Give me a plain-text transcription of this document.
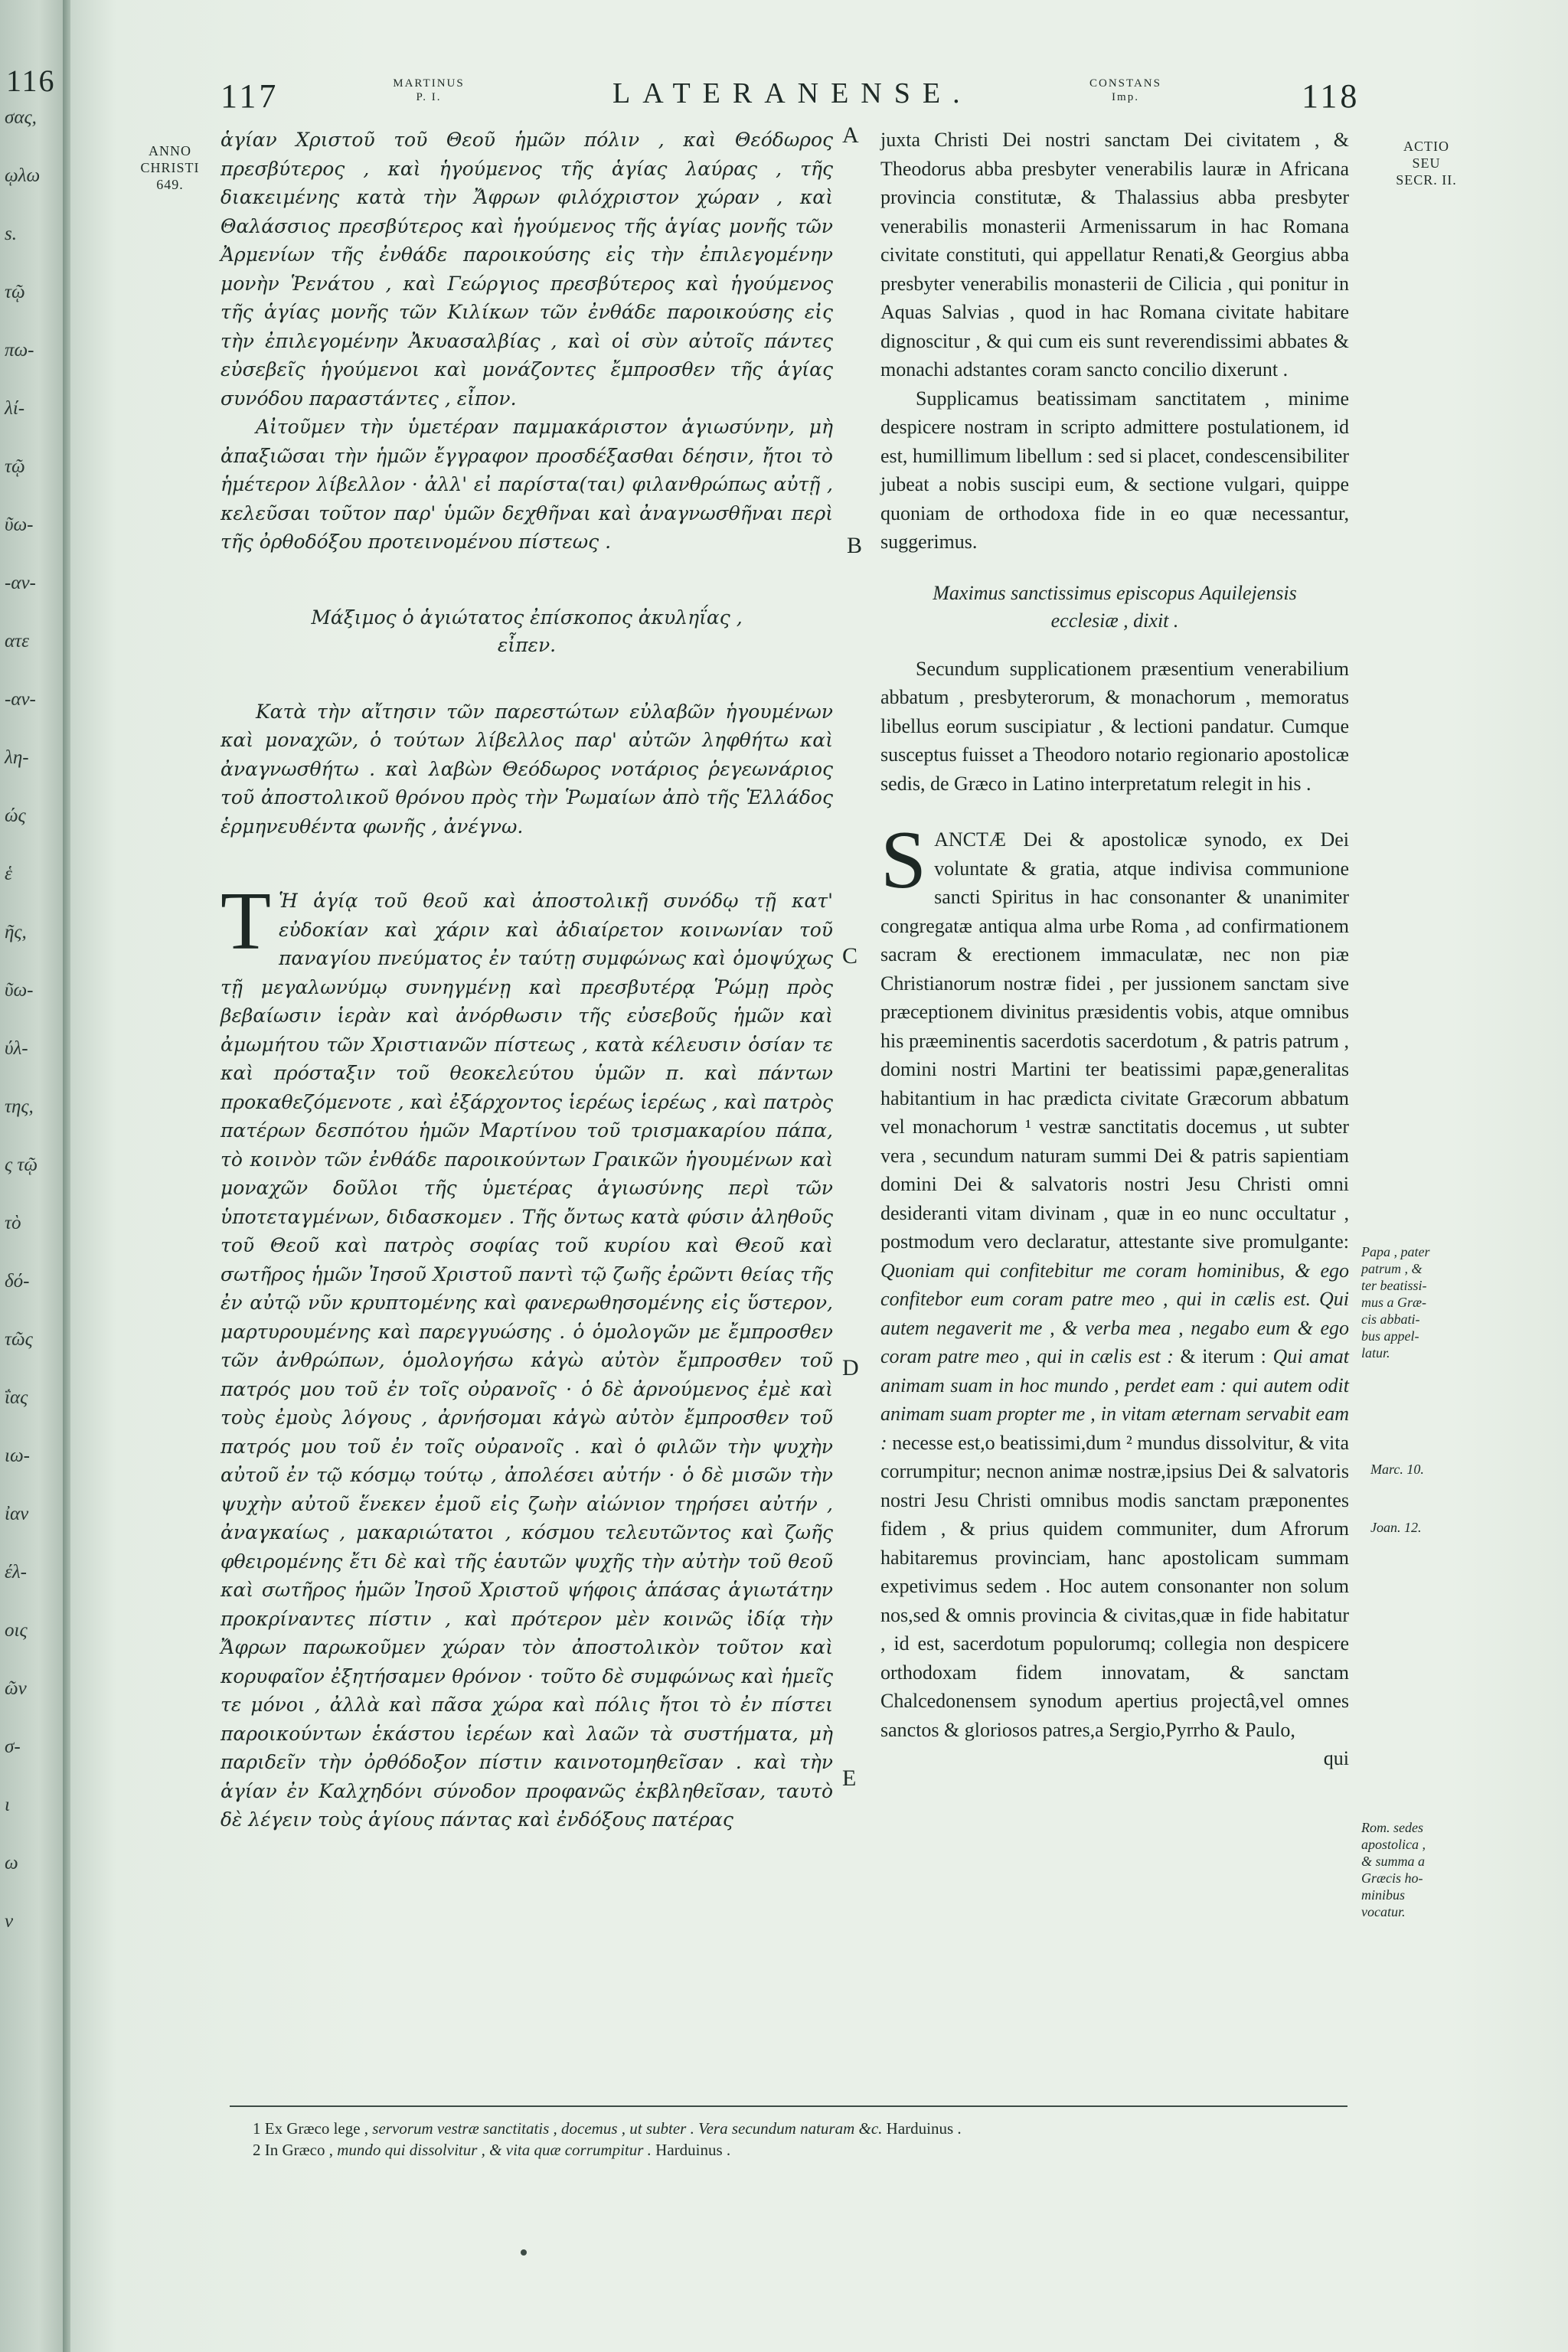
116
σας,
ῳλω
s.
τῷ
πω-
λί-
τῷ
ῦω-
-αν-
ατε
-αν-
λη-
ώς
ἑ
ῆς,
ῦω-
ύλ-
της,
ς τῷ
τὸ
δό-
τῶς
ΐας
ιω-
ἰαν
έλ-
οις
ῶν
σ-
ι
ω
ν
117	MARTINUS
P. I.	LATERANENSE.	CONSTANS
Imp.	118
ANNO
CHRISTI
649.
ACTIO
SEU
SECR. II.
Papa , pater
patrum , &
ter beatissi-
mus a Græ-
cis abbati-
bus appel-
latur.
Marc. 10.
Joan. 12.
Rom. sedes
apostolica ,
& summa a
Græcis ho-
minibus
vocatur.
A
B
C
D
E
ἁγίαν Χριστοῦ τοῦ Θεοῦ ἡμῶν πόλιν , καὶ Θεόδωρος πρεσβύτερος , καὶ ἡγούμενος τῆς ἁγίας λαύρας , τῆς διακειμένης κατὰ τὴν Ἄφρων φιλόχριστον χώραν , καὶ Θαλάσσιος πρεσβύτερος καὶ ἡγούμενος τῆς ἁγίας μονῆς τῶν Ἀρμενίων τῆς ἐνθάδε παροικούσης εἰς τὴν ἐπιλεγομένην μονὴν Ῥενάτου , καὶ Γεώργιος πρεσβύτερος καὶ ἡγούμενος τῆς ἁγίας μονῆς τῶν Κιλίκων τῶν ἐνθάδε παροικούσης εἰς τὴν ἐπιλεγομένην Ἀκυασαλβίας , καὶ οἱ σὺν αὐτοῖς πάντες εὐσεβεῖς ἡγούμενοι καὶ μονάζοντες ἔμπροσθεν τῆς ἁγίας συνόδου παραστάντες , εἶπον.
Αἰτοῦμεν τὴν ὑμετέραν παμμακάριστον ἁγιωσύνην, μὴ ἀπαξιῶσαι τὴν ἡμῶν ἔγγραφον προσδέξασθαι δέησιν, ἤτοι τὸ ἡμέτερον λίβελλον · ἀλλ' εἰ παρίστα(ται) φιλανθρώπως αὐτῇ , κελεῦσαι τοῦτον παρ' ὑμῶν δεχθῆναι καὶ ἀναγνωσθῆναι περὶ τῆς ὀρθοδόξου προτεινομένου πίστεως .
Μάξιμος ὁ ἁγιώτατος ἐπίσκοπος ἀκυληΐας ,
εἶπεν.
Κατὰ τὴν αἴτησιν τῶν παρεστώτων εὐλαβῶν ἡγουμένων καὶ μοναχῶν, ὁ τούτων λίβελλος παρ' αὐτῶν ληφθήτω καὶ ἀναγνωσθήτω . καὶ λαβὼν Θεόδωρος νοτάριος ῥεγεωνάριος τοῦ ἀποστολικοῦ θρόνου πρὸς τὴν Ῥωμαίων ἀπὸ τῆς Ἑλλάδος ἑρμηνευθέντα φωνῆς , ἀνέγνω.
Τ Ἡ ἁγίᾳ τοῦ θεοῦ καὶ ἀποστολικῇ συνόδῳ τῇ κατ' εὐδοκίαν καὶ χάριν καὶ ἀδιαίρετον κοινωνίαν τοῦ παναγίου πνεύματος ἐν ταύτῃ συμφώνως καὶ ὁμοψύχως τῇ μεγαλωνύμῳ συνηγμένῃ καὶ πρεσβυτέρᾳ Ῥώμῃ πρὸς βεβαίωσιν ἱερὰν καὶ ἀνόρθωσιν τῆς εὐσεβοῦς ἡμῶν καὶ ἀμωμήτου τῶν Χριστιανῶν πίστεως , κατὰ κέλευσιν ὁσίαν τε καὶ πρόσταξιν τοῦ θεοκελεύτου ὑμῶν π. καὶ πάντων προκαθεζόμενοτε , καὶ ἐξάρχοντος ἱερέως ἱερέως , καὶ πατρὸς πατέρων δεσπότου ἡμῶν Μαρτίνου τοῦ τρισμακαρίου πάπα, τὸ κοινὸν τῶν ἐνθάδε παροικούντων Γραικῶν ἡγουμένων καὶ μοναχῶν δοῦλοι τῆς ὑμετέρας ἁγιωσύνης περὶ τῶν ὑποτεταγμένων, διδασκομεν . Τῆς ὄντως κατὰ φύσιν ἀληθοῦς τοῦ Θεοῦ καὶ πατρὸς σοφίας τοῦ κυρίου καὶ Θεοῦ καὶ σωτῆρος ἡμῶν Ἰησοῦ Χριστοῦ παντὶ τῷ ζωῆς ἐρῶντι θείας τῆς ἐν αὐτῷ νῦν κρυπτομένης καὶ φανερωθησομένης εἰς ὕστερον, μαρτυρουμένης καὶ παρεγγυώσης . ὁ ὁμολογῶν με ἔμπροσθεν τῶν ἀνθρώπων, ὁμολογήσω κἀγὼ αὐτὸν ἔμπροσθεν τοῦ πατρός μου τοῦ ἐν τοῖς οὐρανοῖς · ὁ δὲ ἀρνούμενος ἐμὲ καὶ τοὺς ἐμοὺς λόγους , ἀρνήσομαι κἀγὼ αὐτὸν ἔμπροσθεν τοῦ πατρός μου τοῦ ἐν τοῖς οὐρανοῖς . καὶ ὁ φιλῶν τὴν ψυχὴν αὐτοῦ ἐν τῷ κόσμῳ τούτῳ , ἀπολέσει αὐτήν · ὁ δὲ μισῶν τὴν ψυχὴν αὐτοῦ ἕνεκεν ἐμοῦ εἰς ζωὴν αἰώνιον τηρήσει αὐτήν , ἀναγκαίως , μακαριώτατοι , κόσμου τελευτῶντος καὶ ζωῆς φθειρομένης ἔτι δὲ καὶ τῆς ἑαυτῶν ψυχῆς τὴν αὐτὴν τοῦ θεοῦ καὶ σωτῆρος ἡμῶν Ἰησοῦ Χριστοῦ ψήφοις ἁπάσας ἁγιωτάτην προκρίναντες πίστιν , καὶ πρότερον μὲν κοινῶς ἰδίᾳ τὴν Ἄφρων παρωκοῦμεν χώραν τὸν ἀποστολικὸν τοῦτον καὶ κορυφαῖον ἐξητήσαμεν θρόνον · τοῦτο δὲ συμφώνως καὶ ἡμεῖς τε μόνοι , ἀλλὰ καὶ πᾶσα χώρα καὶ πόλις ἤτοι τὸ ἐν πίστει παροικούντων ἑκάστου ἱερέων καὶ λαῶν τὰ συστήματα, μὴ παριδεῖν τὴν ὀρθόδοξον πίστιν καινοτομηθεῖσαν . καὶ τὴν ἁγίαν ἐν Καλχηδόνι σύνοδον προφανῶς ἐκβληθεῖσαν, ταυτὸ δὲ λέγειν τοὺς ἁγίους πάντας καὶ ἐνδόξους πατέρας
juxta Christi Dei nostri sanctam Dei civitatem , & Theodorus abba presbyter venerabilis lauræ in Africana provincia constitutæ, & Thalassius abba presbyter venerabilis monasterii Armenissarum in hac Romana civitate constituti, qui appellatur Renati,& Georgius abba presbyter venerabilis monasterii de Cilicia , qui ponitur in Aquas Salvias , quod in hac Romana civitate habitare dignoscitur , & qui cum eis sunt reverendissimi abbates & monachi adstantes coram sancto concilio dixerunt .
Supplicamus beatissimam sanctitatem , minime despicere nostram in scripto admittere postulationem, id est, humillimum libellum : sed si placet, condescensibiliter jubeat a nobis suscipi eum, & sectione vulgari, quippe quoniam de orthodoxa fide in eo quæ necessantur, suggerimus.
Maximus sanctissimus episcopus Aquilejensis
ecclesiæ , dixit .
Secundum supplicationem præsentium venerabilium abbatum , presbyterorum, & monachorum , memoratus libellus eorum suscipiatur , & lectioni pandatur. Cumque susceptus fuisset a Theodoro notario regionario apostolicæ sedis, de Græco in Latino interpretatum relegit in his .
SANCTÆ Dei & apostolicæ synodo, ex Dei voluntate & gratia, atque indivisa communione sancti Spiritus in hac consonanter & unanimiter congregatæ antiqua alma urbe Roma , ad confirmationem sacram & erectionem immaculatæ, nec non piæ Christianorum nostræ fidei , per jussionem sanctam sive præceptionem divinitus præsidentis vobis, atque omnibus his præeminentis sacerdotis sacerdotum , & patris patrum , domini nostri Martini ter beatissimi papæ,generalitas habitantium in hac prædicta civitate Græcorum abbatum vel monachorum ¹ vestræ sanctitatis docemus , ut subter vera , secundum naturam summi Dei & patris sapientiam domini Dei & salvatoris nostri Jesu Christi omni desideranti vitam divinam , quæ in eo nunc occultatur , postmodum vero declaratur, attestante sive promulgante: Quoniam qui confitebitur me coram hominibus, & ego confitebor eum coram patre meo , qui in cælis est. Qui autem negaverit me , & verba mea , negabo eum & ego coram patre meo , qui in cælis est : & iterum : Qui amat animam suam in hoc mundo , perdet eam : qui autem odit animam suam propter me , in vitam æternam servabit eam : necesse est,o beatissimi,dum ² mundus dissolvitur, & vita corrumpitur; necnon animæ nostræ,ipsius Dei & salvatoris nostri Jesu Christi omnibus modis sanctam præponentes fidem , & prius quidem communiter, dum Afrorum habitaremus provinciam, hanc apostolicam summam expetivimus sedem . Hoc autem consonanter non solum nos,sed & omnis provincia & civitas,quæ in fide habitatur , id est, sacerdotum populorumq; collegia non despicere orthodoxam fidem innovatam, & sanctam Chalcedonensem synodum apertius projectâ,vel omnes sanctos & gloriosos patres,a Sergio,Pyrrho & Paulo,
qui
1 Ex Græco lege , servorum vestræ sanctitatis , docemus , ut subter . Vera secundum naturam &c. Harduinus .
2 In Græco , mundo qui dissolvitur , & vita quæ corrumpitur . Harduinus .
